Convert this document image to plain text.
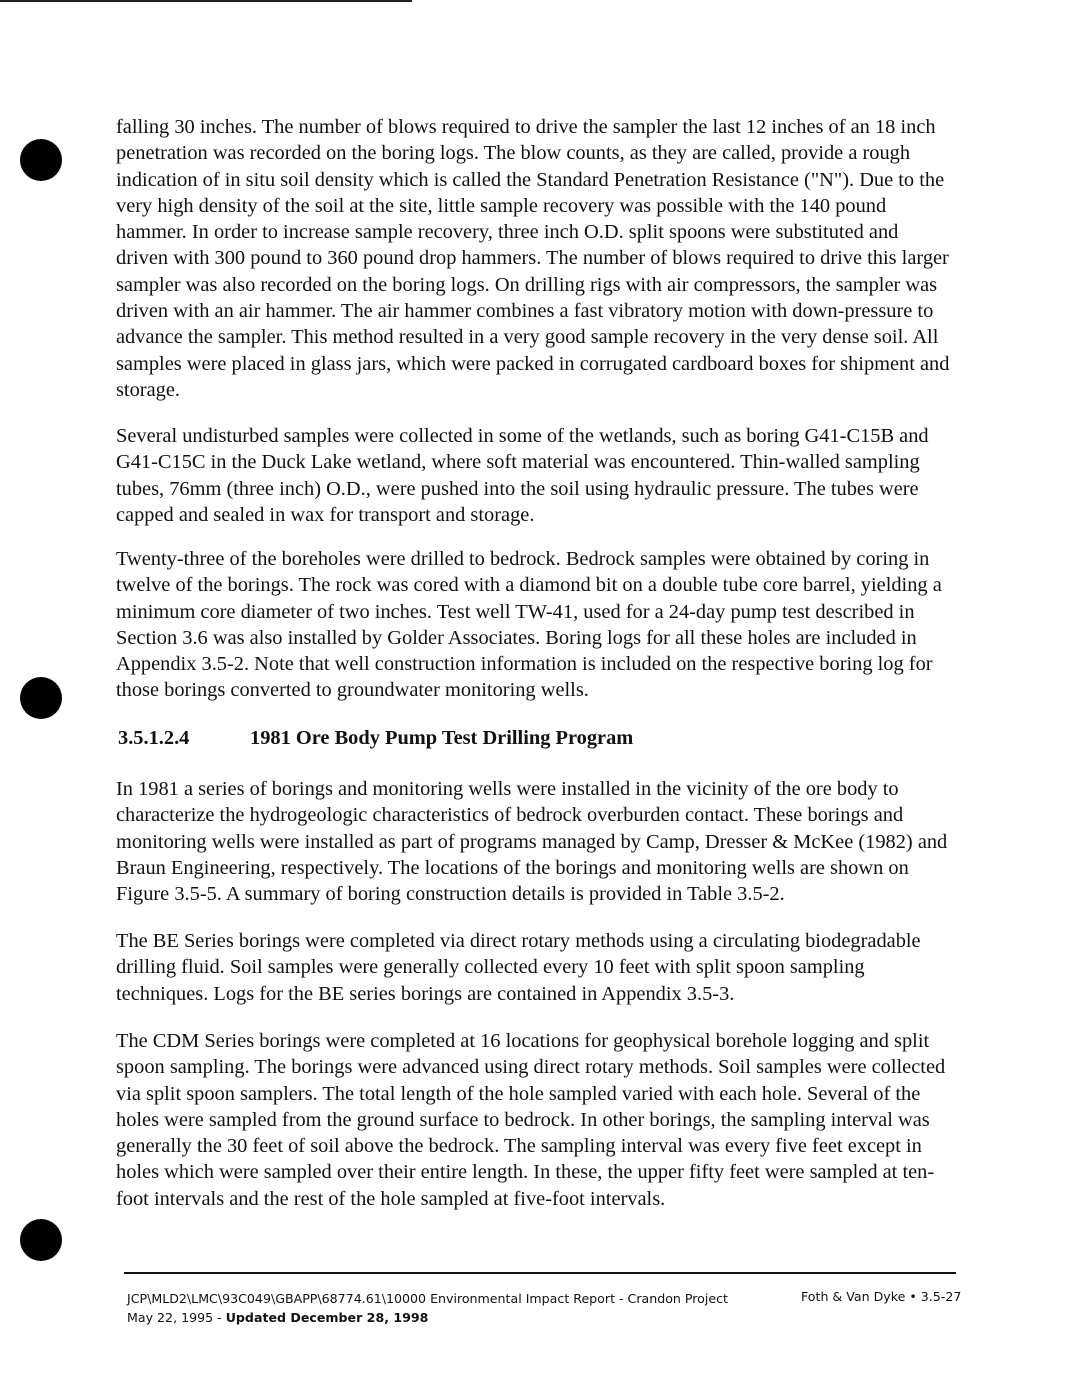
falling 30 inches. The number of blows required to drive the sampler the last 12 inches of an 18 inch penetration was recorded on the boring logs. The blow counts, as they are called, provide a rough indication of in situ soil density which is called the Standard Penetration Resistance ("N"). Due to the very high density of the soil at the site, little sample recovery was possible with the 140 pound hammer. In order to increase sample recovery, three inch O.D. split spoons were substituted and driven with 300 pound to 360 pound drop hammers. The number of blows required to drive this larger sampler was also recorded on the boring logs. On drilling rigs with air compressors, the sampler was driven with an air hammer. The air hammer combines a fast vibratory motion with down-pressure to advance the sampler. This method resulted in a very good sample recovery in the very dense soil. All samples were placed in glass jars, which were packed in corrugated cardboard boxes for shipment and storage.

Several undisturbed samples were collected in some of the wetlands, such as boring G41-C15B and G41-C15C in the Duck Lake wetland, where soft material was encountered. Thin-walled sampling tubes, 76mm (three inch) O.D., were pushed into the soil using hydraulic pressure. The tubes were capped and sealed in wax for transport and storage.

Twenty-three of the boreholes were drilled to bedrock. Bedrock samples were obtained by coring in twelve of the borings. The rock was cored with a diamond bit on a double tube core barrel, yielding a minimum core diameter of two inches. Test well TW-41, used for a 24-day pump test described in Section 3.6 was also installed by Golder Associates. Boring logs for all these holes are included in Appendix 3.5-2. Note that well construction information is included on the respective boring log for those borings converted to groundwater monitoring wells.

3.5.1.2.4	1981 Ore Body Pump Test Drilling Program

In 1981 a series of borings and monitoring wells were installed in the vicinity of the ore body to characterize the hydrogeologic characteristics of bedrock overburden contact. These borings and monitoring wells were installed as part of programs managed by Camp, Dresser & McKee (1982) and Braun Engineering, respectively. The locations of the borings and monitoring wells are shown on Figure 3.5-5. A summary of boring construction details is provided in Table 3.5-2.

The BE Series borings were completed via direct rotary methods using a circulating biodegradable drilling fluid. Soil samples were generally collected every 10 feet with split spoon sampling techniques. Logs for the BE series borings are contained in Appendix 3.5-3.

The CDM Series borings were completed at 16 locations for geophysical borehole logging and split spoon sampling. The borings were advanced using direct rotary methods. Soil samples were collected via split spoon samplers. The total length of the hole sampled varied with each hole. Several of the holes were sampled from the ground surface to bedrock. In other borings, the sampling interval was generally the 30 feet of soil above the bedrock. The sampling interval was every five feet except in holes which were sampled over their entire length. In these, the upper fifty feet were sampled at ten-foot intervals and the rest of the hole sampled at five-foot intervals.

JCP\MLD2\LMC\93C049\GBAPP\68774.61\10000 Environmental Impact Report - Crandon Project
May 22, 1995 - Updated December 28, 1998
Foth & Van Dyke • 3.5-27
